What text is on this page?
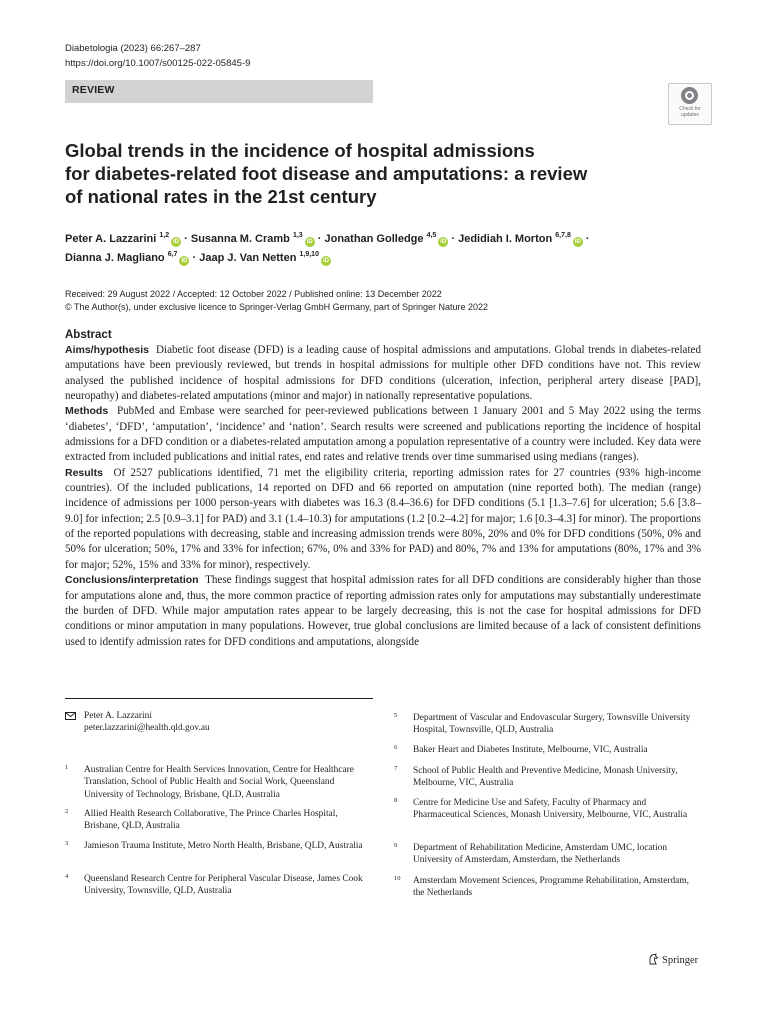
Diabetologia (2023) 66:267–287
https://doi.org/10.1007/s00125-022-05845-9
REVIEW
Check for
updates
Global trends in the incidence of hospital admissions
for diabetes-related foot disease and amputations: a review
of national rates in the 21st century
Peter A. Lazzarini $^{1,2}$iD · Susanna M. Cramb $^{1,3}$iD · Jonathan Golledge $^{4,5}$iD · Jedidiah I. Morton $^{6,7,8}$iD ·
Dianna J. Magliano $^{6,7}$iD · Jaap J. Van Netten $^{1,9,10}$iD
Received: 29 August 2022 / Accepted: 12 October 2022 / Published online: 13 December 2022
© The Author(s), under exclusive licence to Springer-Verlag GmbH Germany, part of Springer Nature 2022
Abstract

Aims/hypothesis Diabetic foot disease (DFD) is a leading cause of hospital admissions and amputations. Global trends in diabetes-related amputations have been previously reviewed, but trends in hospital admissions for multiple other DFD conditions have not. This review analysed the published incidence of hospital admissions for DFD conditions (ulceration, infection, peripheral artery disease [PAD], neuropathy) and diabetes-related amputations (minor and major) in nationally representative populations.

Methods PubMed and Embase were searched for peer-reviewed publications between 1 January 2001 and 5 May 2022 using the terms ‘diabetes’, ‘DFD’, ‘amputation’, ‘incidence’ and ‘nation’. Search results were screened and publications reporting the incidence of hospital admissions for a DFD condition or a diabetes-related amputation among a population representative of a country were included. Key data were extracted from included publications and initial rates, end rates and relative trends over time summarised using medians (ranges).

Results Of 2527 publications identified, 71 met the eligibility criteria, reporting admission rates for 27 countries (93% high-income countries). Of the included publications, 14 reported on DFD and 66 reported on amputation (nine reported both). The median (range) incidence of admissions per 1000 person-years with diabetes was 16.3 (8.4–36.6) for DFD conditions (5.1 [1.3–7.6] for ulceration; 5.6 [3.8–9.0] for infection; 2.5 [0.9–3.1] for PAD) and 3.1 (1.4–10.3) for amputations (1.2 [0.2–4.2] for major; 1.6 [0.3–4.3] for minor). The proportions of the reported populations with decreasing, stable and increasing admission trends were 80%, 20% and 0% for DFD conditions (50%, 0% and 50% for ulceration; 50%, 17% and 33% for infection; 67%, 0% and 33% for PAD) and 80%, 7% and 13% for amputations (80%, 17% and 3% for major; 52%, 15% and 33% for minor), respectively.

Conclusions/interpretation These findings suggest that hospital admission rates for all DFD conditions are considerably higher than those for amputations alone and, thus, the more common practice of reporting admission rates only for amputations may substantially underestimate the burden of DFD. While major amputation rates appear to be largely decreasing, this is not the case for hospital admissions for DFD conditions or minor amputation in many populations. However, true global conclusions are limited because of a lack of consistent definitions used to identify admission rates for DFD conditions and amputations, alongside

Peter A. Lazzarini
peter.lazzarini@health.qld.gov.au
1 Australian Centre for Health Services Innovation, Centre for Healthcare Translation, School of Public Health and Social Work, Queensland University of Technology, Brisbane, QLD, Australia
2 Allied Health Research Collaborative, The Prince Charles Hospital, Brisbane, QLD, Australia
3 Jamieson Trauma Institute, Metro North Health, Brisbane, QLD, Australia
4 Queensland Research Centre for Peripheral Vascular Disease, James Cook University, Townsville, QLD, Australia
5 Department of Vascular and Endovascular Surgery, Townsville University Hospital, Townsville, QLD, Australia
6 Baker Heart and Diabetes Institute, Melbourne, VIC, Australia
7 School of Public Health and Preventive Medicine, Monash University, Melbourne, VIC, Australia
8 Centre for Medicine Use and Safety, Faculty of Pharmacy and Pharmaceutical Sciences, Monash University, Melbourne, VIC, Australia
9 Department of Rehabilitation Medicine, Amsterdam UMC, location University of Amsterdam, Amsterdam, the Netherlands
10 Amsterdam Movement Sciences, Programme Rehabilitation, Amsterdam, the Netherlands
Springer
